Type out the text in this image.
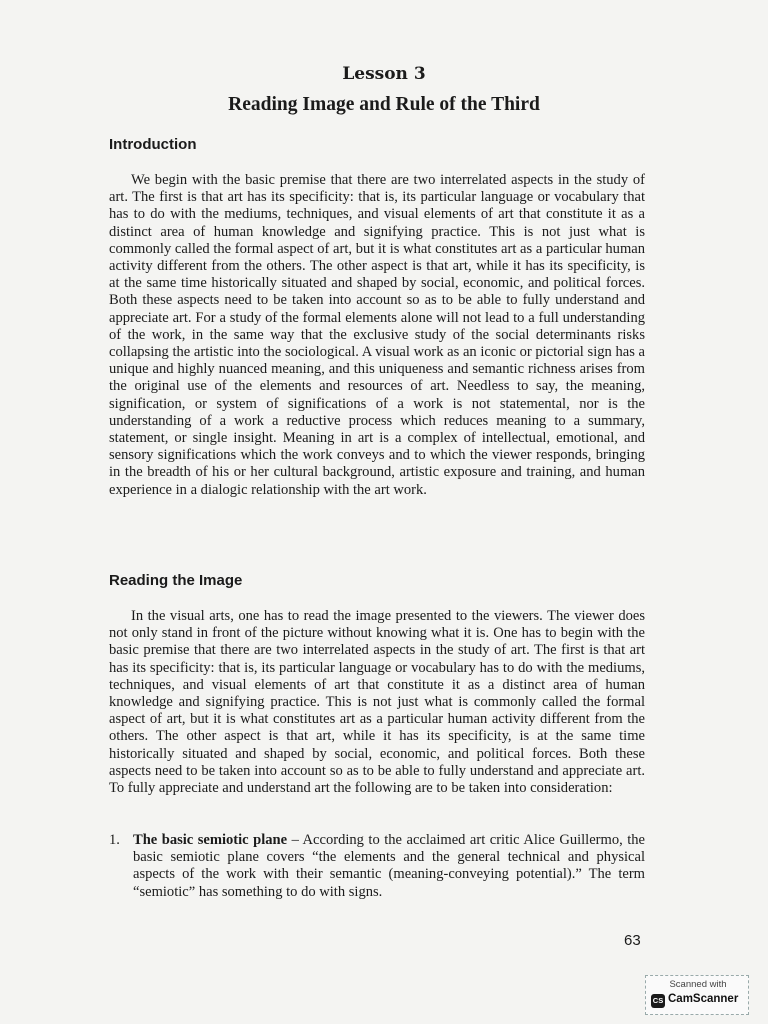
Lesson 3
Reading Image and Rule of the Third
Introduction

We begin with the basic premise that there are two interrelated aspects in the study of art. The first is that art has its specificity: that is, its particular language or vocabulary that has to do with the mediums, techniques, and visual elements of art that constitute it as a distinct area of human knowledge and signifying practice. This is not just what is commonly called the formal aspect of art, but it is what constitutes art as a particular human activity different from the others. The other aspect is that art, while it has its specificity, is at the same time historically situated and shaped by social, economic, and political forces. Both these aspects need to be taken into account so as to be able to fully understand and appreciate art. For a study of the formal elements alone will not lead to a full understanding of the work, in the same way that the exclusive study of the social determinants risks collapsing the artistic into the sociological. A visual work as an iconic or pictorial sign has a unique and highly nuanced meaning, and this uniqueness and semantic richness arises from the original use of the elements and resources of art. Needless to say, the meaning, signification, or system of significations of a work is not statemental, nor is the understanding of a work a reductive process which reduces meaning to a summary, statement, or single insight. Meaning in art is a complex of intellectual, emotional, and sensory significations which the work conveys and to which the viewer responds, bringing in the breadth of his or her cultural background, artistic exposure and training, and human experience in a dialogic relationship with the art work.

Reading the Image

In the visual arts, one has to read the image presented to the viewers. The viewer does not only stand in front of the picture without knowing what it is. One has to begin with the basic premise that there are two interrelated aspects in the study of art. The first is that art has its specificity: that is, its particular language or vocabulary has to do with the mediums, techniques, and visual elements of art that constitute it as a distinct area of human knowledge and signifying practice. This is not just what is commonly called the formal aspect of art, but it is what constitutes art as a particular human activity different from the others. The other aspect is that art, while it has its specificity, is at the same time historically situated and shaped by social, economic, and political forces. Both these aspects need to be taken into account so as to be able to fully understand and appreciate art. To fully appreciate and understand art the following are to be taken into consideration:

1. The basic semiotic plane – According to the acclaimed art critic Alice Guillermo, the basic semiotic plane covers “the elements and the general technical and physical aspects of the work with their semantic (meaning-conveying potential).” The term “semiotic” has something to do with signs.
63
Scanned with
CS CamScanner
